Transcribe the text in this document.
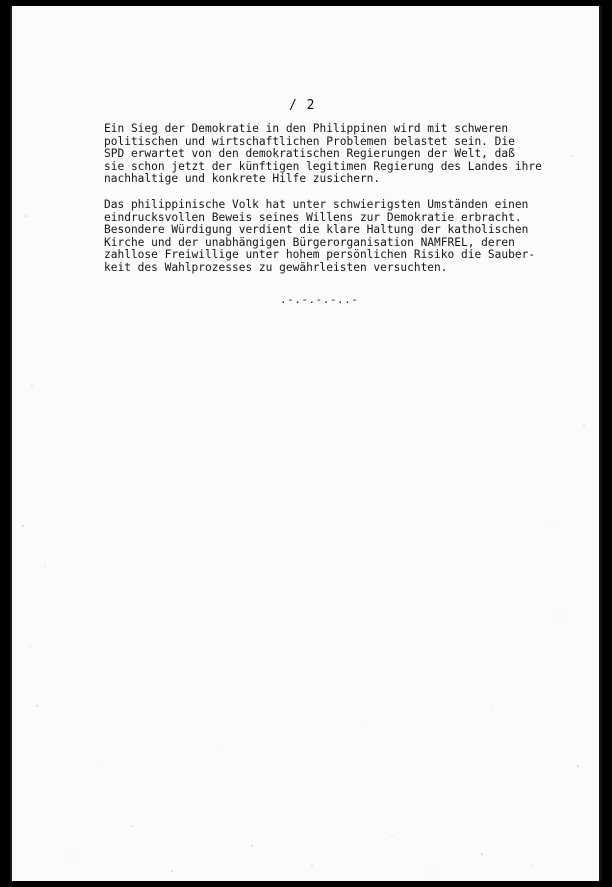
/ 2
Ein Sieg der Demokratie in den Philippinen wird mit schweren
politischen und wirtschaftlichen Problemen belastet sein. Die
SPD erwartet von den demokratischen Regierungen der Welt, daß
sie schon jetzt der künftigen legitimen Regierung des Landes ihre
nachhaltige und konkrete Hilfe zusichern.
Das philippinische Volk hat unter schwierigsten Umständen einen
eindrucksvollen Beweis seines Willens zur Demokratie erbracht.
Besondere Würdigung verdient die klare Haltung der katholischen
Kirche und der unabhängigen Bürgerorganisation NAMFREL, deren
zahllose Freiwillige unter hohem persönlichen Risiko die Sauber-
keit des Wahlprozesses zu gewährleisten versuchten.
.-.-.-.-..-
